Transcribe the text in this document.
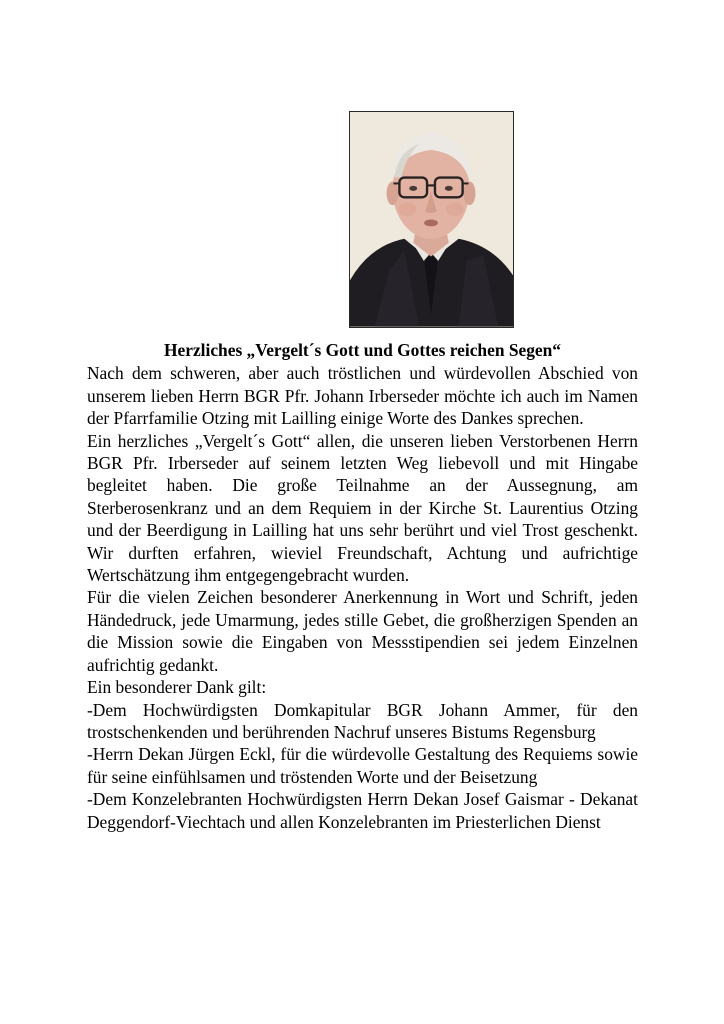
Herzliches „Vergelt´s Gott und Gottes reichen Segen“

Nach dem schweren, aber auch tröstlichen und würdevollen Abschied von unserem lieben Herrn BGR Pfr. Johann Irberseder möchte ich auch im Namen der Pfarrfamilie Otzing mit Lailling einige Worte des Dankes sprechen.

Ein herzliches „Vergelt´s Gott“ allen, die unseren lieben Verstorbenen Herrn BGR Pfr. Irberseder auf seinem letzten Weg liebevoll und mit Hingabe begleitet haben. Die große Teilnahme an der Aussegnung, am Sterberosenkranz und an dem Requiem in der Kirche St. Laurentius Otzing und der Beerdigung in Lailling hat uns sehr berührt und viel Trost geschenkt. Wir durften erfahren, wieviel Freundschaft, Achtung und aufrichtige Wertschätzung ihm entgegengebracht wurden.

Für die vielen Zeichen besonderer Anerkennung in Wort und Schrift, jeden Händedruck, jede Umarmung, jedes stille Gebet, die großherzigen Spenden an die Mission sowie die Eingaben von Messstipendien sei jedem Einzelnen aufrichtig gedankt.

Ein besonderer Dank gilt:

-Dem Hochwürdigsten Domkapitular BGR Johann Ammer, für den trostschenkenden und berührenden Nachruf unseres Bistums Regensburg

-Herrn Dekan Jürgen Eckl, für die würdevolle Gestaltung des Requiems sowie für seine einfühlsamen und tröstenden Worte und der Beisetzung

-Dem Konzelebranten Hochwürdigsten Herrn Dekan Josef Gaismar - Dekanat Deggendorf-Viechtach und allen Konzelebranten im Priesterlichen Dienst
